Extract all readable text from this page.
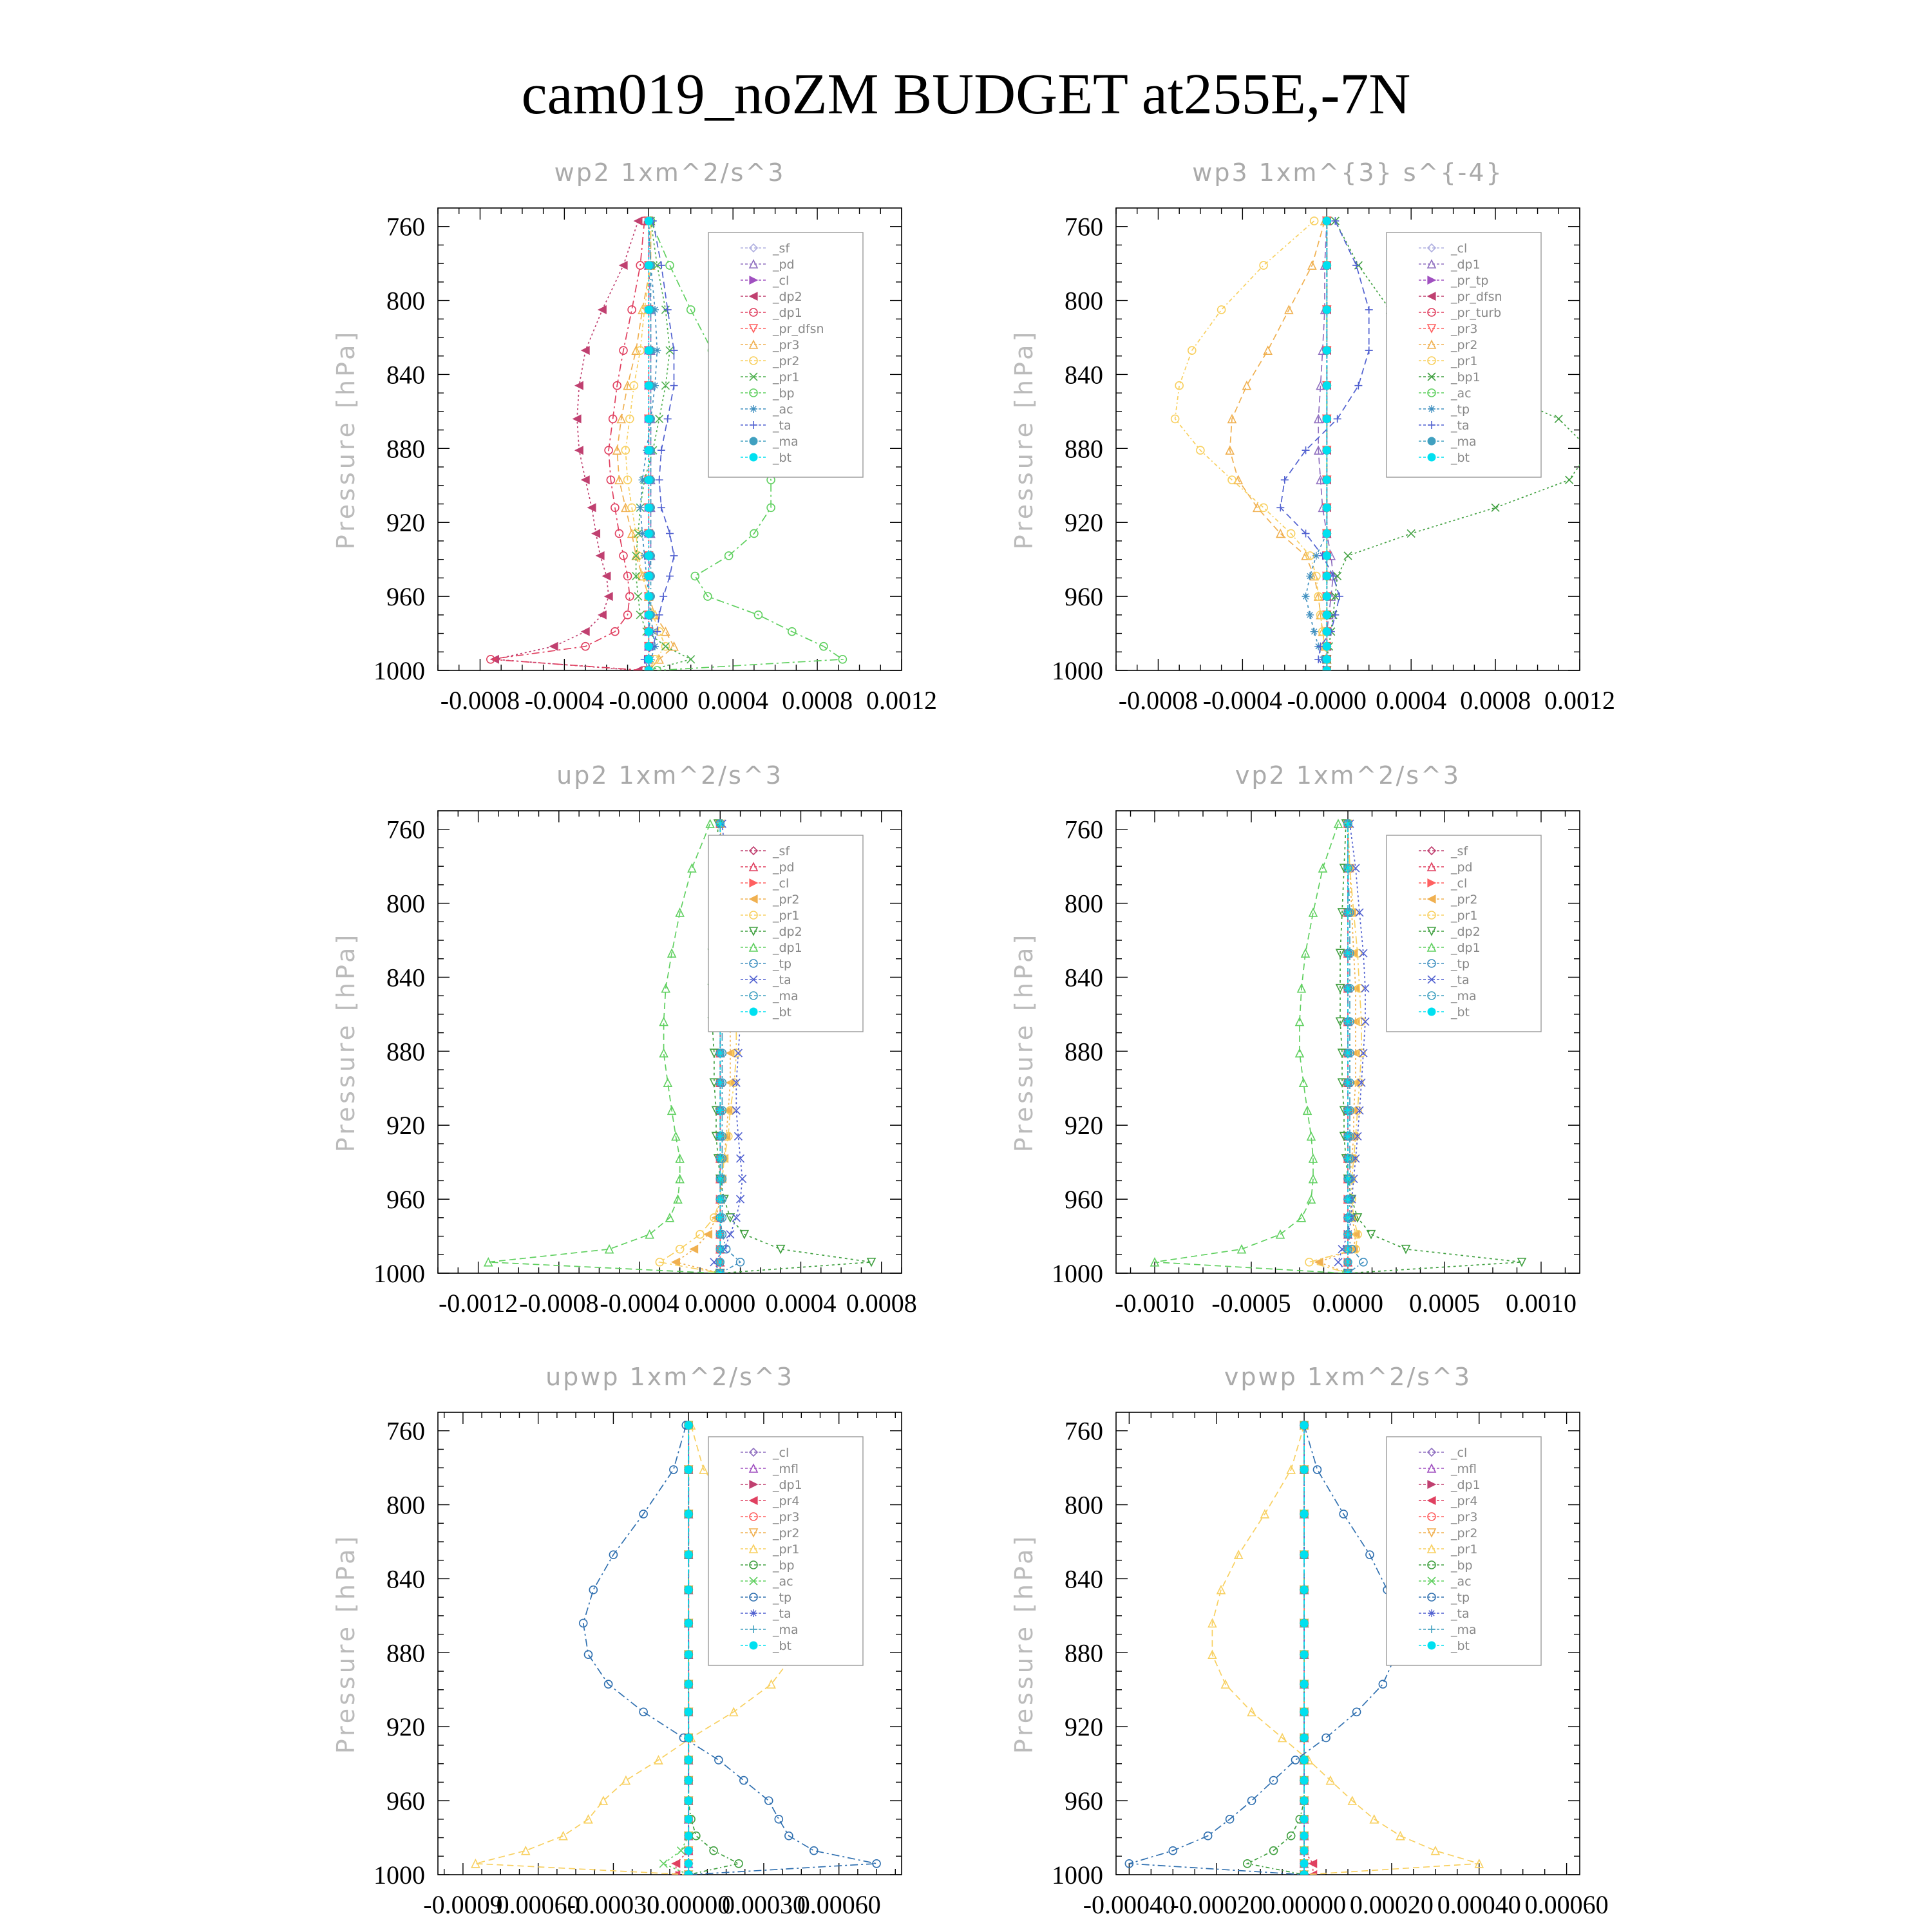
cam019_noZM BUDGET at255E,-7N
wp2 1xm^2/s^3
Pressure [hPa]
760
800
840
880
920
960
1000
-0.0008 -0.0004 -0.0000 0.0004 0.0008 0.0012
_sf
_pd
_cl
_dp2
_dp1
_pr_dfsn
_pr3
_pr2
_pr1
_bp
_ac
_ta
_ma
_bt
wp3 1xm^{3} s^{-4}
Pressure [hPa]
760
800
840
880
920
960
1000
-0.0008 -0.0004 -0.0000 0.0004 0.0008 0.0012
_cl
_dp1
_pr_tp
_pr_dfsn
_pr_turb
_pr3
_pr2
_pr1
_bp1
_ac
_tp
_ta
_ma
_bt
up2 1xm^2/s^3
Pressure [hPa]
760
800
840
880
920
960
1000
-0.0012 -0.0008 -0.0004 0.0000 0.0004 0.0008
_sf
_pd
_cl
_pr2
_pr1
_dp2
_dp1
_tp
_ta
_ma
_bt
vp2 1xm^2/s^3
Pressure [hPa]
760
800
840
880
920
960
1000
-0.0010 -0.0005 0.0000 0.0005 0.0010
_sf
_pd
_cl
_pr2
_pr1
_dp2
_dp1
_tp
_ta
_ma
_bt
upwp 1xm^2/s^3
Pressure [hPa]
760
800
840
880
920
960
1000
-0.0009
0.00060
-0.00030
0.00000
0.00030
0.00060
_cl
_mfl
_dp1
_pr4
_pr3
_pr2
_pr1
_bp
_ac
_tp
_ta
_ma
_bt
vpwp 1xm^2/s^3
Pressure [hPa]
760
800
840
880
920
960
1000
-0.00040
-0.00020 0.00000 0.00020 0.00040 0.00060
_cl
_mfl
_dp1
_pr4
_pr3
_pr2
_pr1
_bp
_ac
_tp
_ta
_ma
_bt
